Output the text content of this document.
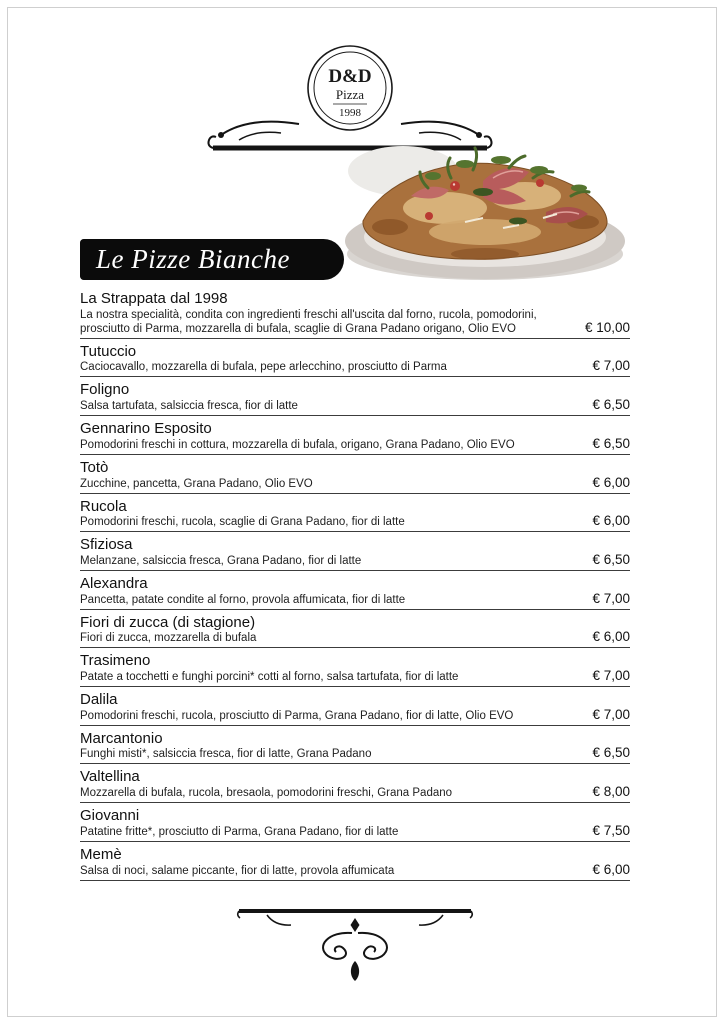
D&D
Pizza
1998
Le Pizze Bianche
La Strappata dal 1998
La nostra specialità, condita con ingredienti freschi all'uscita dal forno, rucola, pomodorini, prosciutto di Parma, mozzarella di bufala, scaglie di Grana Padano origano, Olio EVO	€ 10,00
Tutuccio
Caciocavallo, mozzarella di bufala, pepe arlecchino, prosciutto di Parma	€ 7,00
Foligno
Salsa tartufata, salsiccia fresca, fior di latte	€ 6,50
Gennarino Esposito
Pomodorini freschi in cottura, mozzarella di bufala, origano, Grana Padano, Olio EVO	€ 6,50
Totò
Zucchine, pancetta, Grana Padano, Olio EVO	€ 6,00
Rucola
Pomodorini freschi, rucola, scaglie di Grana Padano, fior di latte	€ 6,00
Sfiziosa
Melanzane, salsiccia fresca, Grana Padano, fior di latte	€ 6,50
Alexandra
Pancetta, patate condite al forno, provola affumicata, fior di latte	€ 7,00
Fiori di zucca (di stagione)
Fiori di zucca, mozzarella di bufala	€ 6,00
Trasimeno
Patate a tocchetti e funghi porcini* cotti al forno, salsa tartufata, fior di latte	€ 7,00
Dalila
Pomodorini freschi, rucola, prosciutto di Parma, Grana Padano, fior di latte, Olio EVO	€ 7,00
Marcantonio
Funghi misti*, salsiccia fresca, fior di latte, Grana Padano	€ 6,50
Valtellina
Mozzarella di bufala, rucola, bresaola, pomodorini freschi, Grana Padano	€ 8,00
Giovanni
Patatine fritte*, prosciutto di Parma, Grana Padano, fior di latte	€ 7,50
Memè
Salsa di noci, salame piccante, fior di latte, provola affumicata	€ 6,00
